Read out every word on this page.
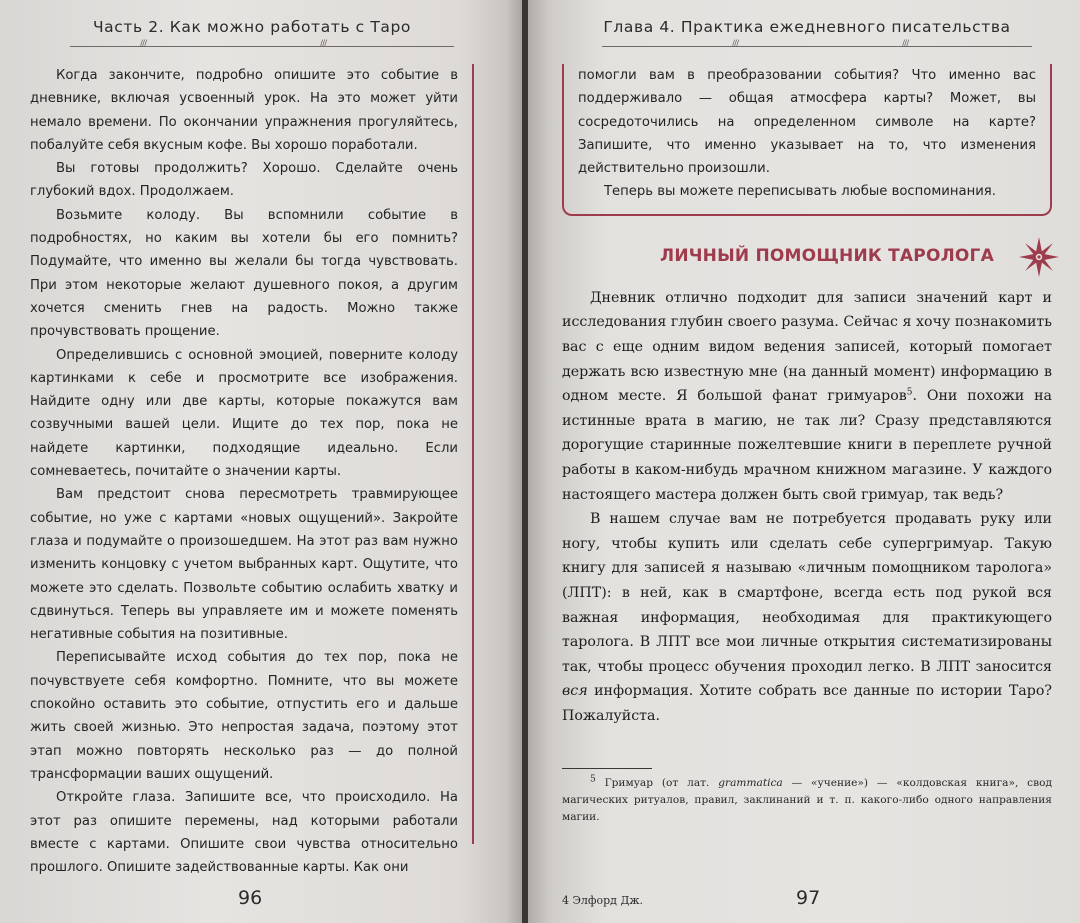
Часть 2. Как можно работать с Таро
///	///

Когда закончите, подробно опишите это событие в дневнике, включая усвоенный урок. На это может уйти немало времени. По окончании упражнения прогуляйтесь, побалуйте себя вкусным кофе. Вы хорошо поработали.

Вы готовы продолжить? Хорошо. Сделайте очень глубокий вдох. Продолжаем.

Возьмите колоду. Вы вспомнили событие в подробностях, но каким вы хотели бы его помнить? Подумайте, что именно вы желали бы тогда чувствовать. При этом некоторые желают душевного покоя, а другим хочется сменить гнев на радость. Можно также прочувствовать прощение.

Определившись с основной эмоцией, поверните колоду картинками к себе и просмотрите все изображения. Найдите одну или две карты, которые покажутся вам созвучными вашей цели. Ищите до тех пор, пока не найдете картинки, подходящие идеально. Если сомневаетесь, почитайте о значении карты.

Вам предстоит снова пересмотреть травмирующее событие, но уже с картами «новых ощущений». Закройте глаза и подумайте о произошедшем. На этот раз вам нужно изменить концовку с учетом выбранных карт. Ощутите, что можете это сделать. Позвольте событию ослабить хватку и сдвинуться. Теперь вы управляете им и можете поменять негативные события на позитивные.

Переписывайте исход события до тех пор, пока не почувствуете себя комфортно. Помните, что вы можете спокойно оставить это событие, отпустить его и дальше жить своей жизнью. Это непростая задача, поэтому этот этап можно повторять несколько раз — до полной трансформации ваших ощущений.

Откройте глаза. Запишите все, что происходило. На этот раз опишите перемены, над которыми работали вместе с картами. Опишите свои чувства относительно прошлого. Опишите задействованные карты. Как они

96
Глава 4. Практика ежедневного писательства
///	///

помогли вам в преобразовании события? Что именно вас поддерживало — общая атмосфера карты? Может, вы сосредоточились на определенном символе на карте? Запишите, что именно указывает на то, что изменения действительно произошли.

Теперь вы можете переписывать любые воспоминания.

ЛИЧНЫЙ ПОМОЩНИК ТАРОЛОГА

Дневник отлично подходит для записи значений карт и исследования глубин своего разума. Сейчас я хочу познакомить вас с еще одним видом ведения записей, который помогает держать всю известную мне (на данный момент) информацию в одном месте. Я большой фанат гримуаров$^5$. Они похожи на истинные врата в магию, не так ли? Сразу представляются дорогущие старинные пожелтевшие книги в переплете ручной работы в каком-нибудь мрачном книжном магазине. У каждого настоящего мастера должен быть свой гримуар, так ведь?

В нашем случае вам не потребуется продавать руку или ногу, чтобы купить или сделать себе супергримуар. Такую книгу для записей я называю «личным помощником таролога» (ЛПТ): в ней, как в смартфоне, всегда есть под рукой вся важная информация, необходимая для практикующего таролога. В ЛПТ все мои личные открытия систематизированы так, чтобы процесс обучения проходил легко. В ЛПТ заносится вся информация. Хотите собрать все данные по истории Таро? Пожалуйста.

$^5$ Гримуар (от лат. grammatica — «учение») — «колдовская книга», свод магических ритуалов, правил, заклинаний и т. п. какого-либо одного направления магии.

4 Элфорд Дж.	97
